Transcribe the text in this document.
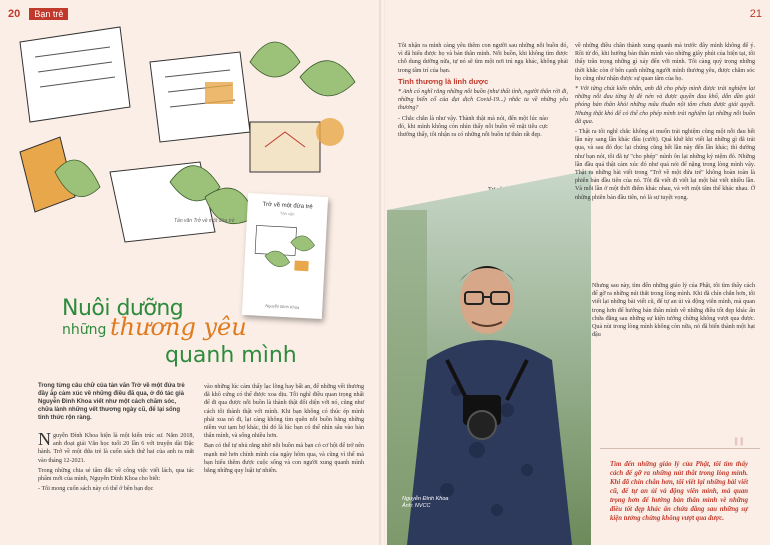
20 Bạn trẻ
Tản văn Trở về một đứa trẻ
Trở về một đứa trẻ
Tản văn
Nguyễn Đình Khoa
Nuôi dưỡng
những thương yêu
quanh mình
Trong từng câu chữ của tản văn Trở về một đứa trẻ đầy ắp cảm xúc về những điều đã qua, ở đó tác giả Nguyễn Đình Khoa viết như một cách chăm sóc, chữa lành những vết thương ngày cũ, để lại sống tinh thức rộn ràng.

Nguyễn Đình Khoa hiện là một kiến trúc sư. Năm 2018, anh đoạt giải Văn học tuổi 20 lần 6 với truyện dài Đặc hành. Trở về một đứa trẻ là cuốn sách thứ hai của anh ra mắt vào tháng 12-2021.

Trong những chia sẻ tâm đắc về công việc viết lách, qua tác phẩm mới của mình, Nguyễn Đình Khoa cho biết:

- Tôi mong cuốn sách này có thể ở bên bạn đọc

vào những lúc cảm thấy lạc lõng hay bất an, để những vết thương đã khô cứng có thể được xoa dịu. Tôi nghĩ điều quan trọng nhất để đi qua được nỗi buồn là thành thật đối diện với nó, cũng như cách tôi thành thật với mình. Khi bạn không có thúc ép mình phải xua nó đi, lại càng không tìm quên nỗi buồn bằng những niềm vui tạm bợ khác, thì đó là lúc bạn có thể nhìn sâu vào bản thân mình, và sống nhiều hơn.

Bạn có thể tự nhủ rằng nhờ nỗi buồn mà bạn có cơ hội để trở nên mạnh mẽ hơn chính mình của ngày hôm qua, và cũng vì thế mà bạn hiểu thêm được cuộc sống và con người xung quanh mình bằng những quy luật tự nhiên.

21

Tôi nhận ra mình càng yêu thêm con người sau những nỗi buồn đó, vì đã hiểu được họ và bản thân mình. Nỗi buồn, khi không tìm được chỗ dung dưỡng nữa, tự nó sẽ tìm một nơi trú ngụ khác, không phải trong tâm trí của bạn.

Tình thương là linh dược

* Anh có nghĩ rằng những nỗi buồn (như thất tình, người thân rời đi, những biến cố của đại dịch Covid-19...) nhắc ta về những yêu thương?

- Chắc chắn là như vậy. Thành thật mà nói, đến một lúc nào đó, khi mình không còn nhìn thấy nỗi buồn về mặt tiêu cực thường thấy, tôi nhận ra có những nỗi buồn tự thân rất đẹp.

Nguyễn Đình Khoa
Ảnh: NVCC

về những điều chân thành xung quanh mà trước đây mình không để ý. Rồi từ đó, khi hướng bản thân mình vào những giây phút của hiện tại, tôi thấy trân trọng những gì xảy đến với mình. Tôi càng quý trọng những thời khắc còn ở bên cạnh những người mình thương yêu, được chăm sóc họ cũng như nhận được sự quan tâm của họ.

* Với từng chút kiến nhẫn, anh đã cho phép mình được trải nghiệm lại những nỗi đau từng bị đè nén và được quyền đau khổ, dẫn dần giải phóng bản thân khỏi những mâu thuẫn nội tâm chưa được giải quyết. Nhưng thật khó để có thể cho phép mình trải nghiệm lại những nỗi buồn đã qua.

- Thật ra tôi nghĩ chắc không ai muốn trải nghiệm cũng một nỗi đau hết lần này sang lần khác đâu (cười). Quá khứ khi viết lại những gì đã trải qua, và sau đó đọc lại chúng cũng hết lần này đến lần khác; thì dường như bạn nói, tôi đã tự "cho phép" mình ôn lại những ký niệm đó. Những lần đầu quả thật cảm xúc đó như quá nói để nặng trong lòng mình vậy. Thật ra những bài viết trong "Trở về một đứa trẻ" không hoàn toàn là phiên bản đầu tiên của nó. Tôi đã viết đi viết lại một bài viết nhiều lần. Và mỗi lần ở một thời điểm khác nhau, và với một tâm thế khác nhau. Ở những phiên bản đầu tiên, nó là sự tuyệt vọng.

Nhưng sau này, tìm đến những giáo lý của Phật, tôi tìm thấy cách để gỡ ra những nút thắt trong lòng mình. Khi đã chín chắn hơn, tôi viết lại những bài viết cũ, để tự an ủi và động viên mình, mà quan trọng hơn để hướng bản thân mình về những điều tốt đẹp khác ấn chứa đằng sau những sự kiện tưởng chừng không vượt qua được. Quả nùi trong lòng mình không còn nữa, nó đã biến thành một hạt đậu
"
Tìm đến những giáo lý của Phật, tôi tìm thấy cách để gỡ ra những nút thắt trong lòng mình. Khi đã chín chắn hơn, tôi viết lại những bài viết cũ, để tự an ủi và động viên mình, mà quan trọng hơn để hướng bản thân mình về những điều tốt đẹp khác ấn chứa đằng sau những sự kiện tưởng chừng không vượt qua được.
